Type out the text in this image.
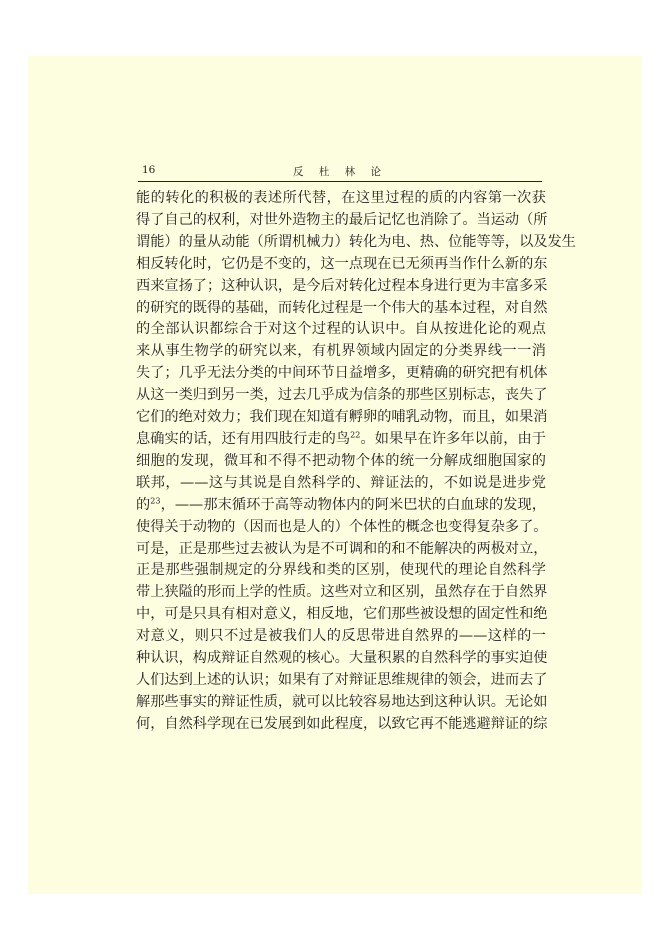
16	反 杜 林 论
能的转化的积极的表述所代替，在这里过程的质的内容第一次获
得了自己的权利，对世外造物主的最后记忆也消除了。当运动（所
谓能）的量从动能（所谓机械力）转化为电、热、位能等等，以及发生
相反转化时，它仍是不变的，这一点现在已无须再当作什么新的东
西来宣扬了；这种认识，是今后对转化过程本身进行更为丰富多采
的研究的既得的基础，而转化过程是一个伟大的基本过程，对自然
的全部认识都综合于对这个过程的认识中。自从按进化论的观点
来从事生物学的研究以来，有机界领域内固定的分类界线一一消
失了；几乎无法分类的中间环节日益增多，更精确的研究把有机体
从这一类归到另一类，过去几乎成为信条的那些区别标志，丧失了
它们的绝对效力；我们现在知道有孵卵的哺乳动物，而且，如果消
息确实的话，还有用四肢行走的鸟$^{22}$。如果早在许多年以前，由于
细胞的发现，微耳和不得不把动物个体的统一分解成细胞国家的
联邦，——这与其说是自然科学的、辩证法的，不如说是进步党
的$^{23}$，——那末循环于高等动物体内的阿米巴状的白血球的发现，
使得关于动物的（因而也是人的）个体性的概念也变得复杂多了。
可是，正是那些过去被认为是不可调和的和不能解决的两极对立，
正是那些强制规定的分界线和类的区别，使现代的理论自然科学
带上狭隘的形而上学的性质。这些对立和区别，虽然存在于自然界
中，可是只具有相对意义，相反地，它们那些被设想的固定性和绝
对意义，则只不过是被我们人的反思带进自然界的——这样的一
种认识，构成辩证自然观的核心。大量积累的自然科学的事实迫使
人们达到上述的认识；如果有了对辩证思维规律的领会，进而去了
解那些事实的辩证性质，就可以比较容易地达到这种认识。无论如
何，自然科学现在已发展到如此程度，以致它再不能逃避辩证的综
